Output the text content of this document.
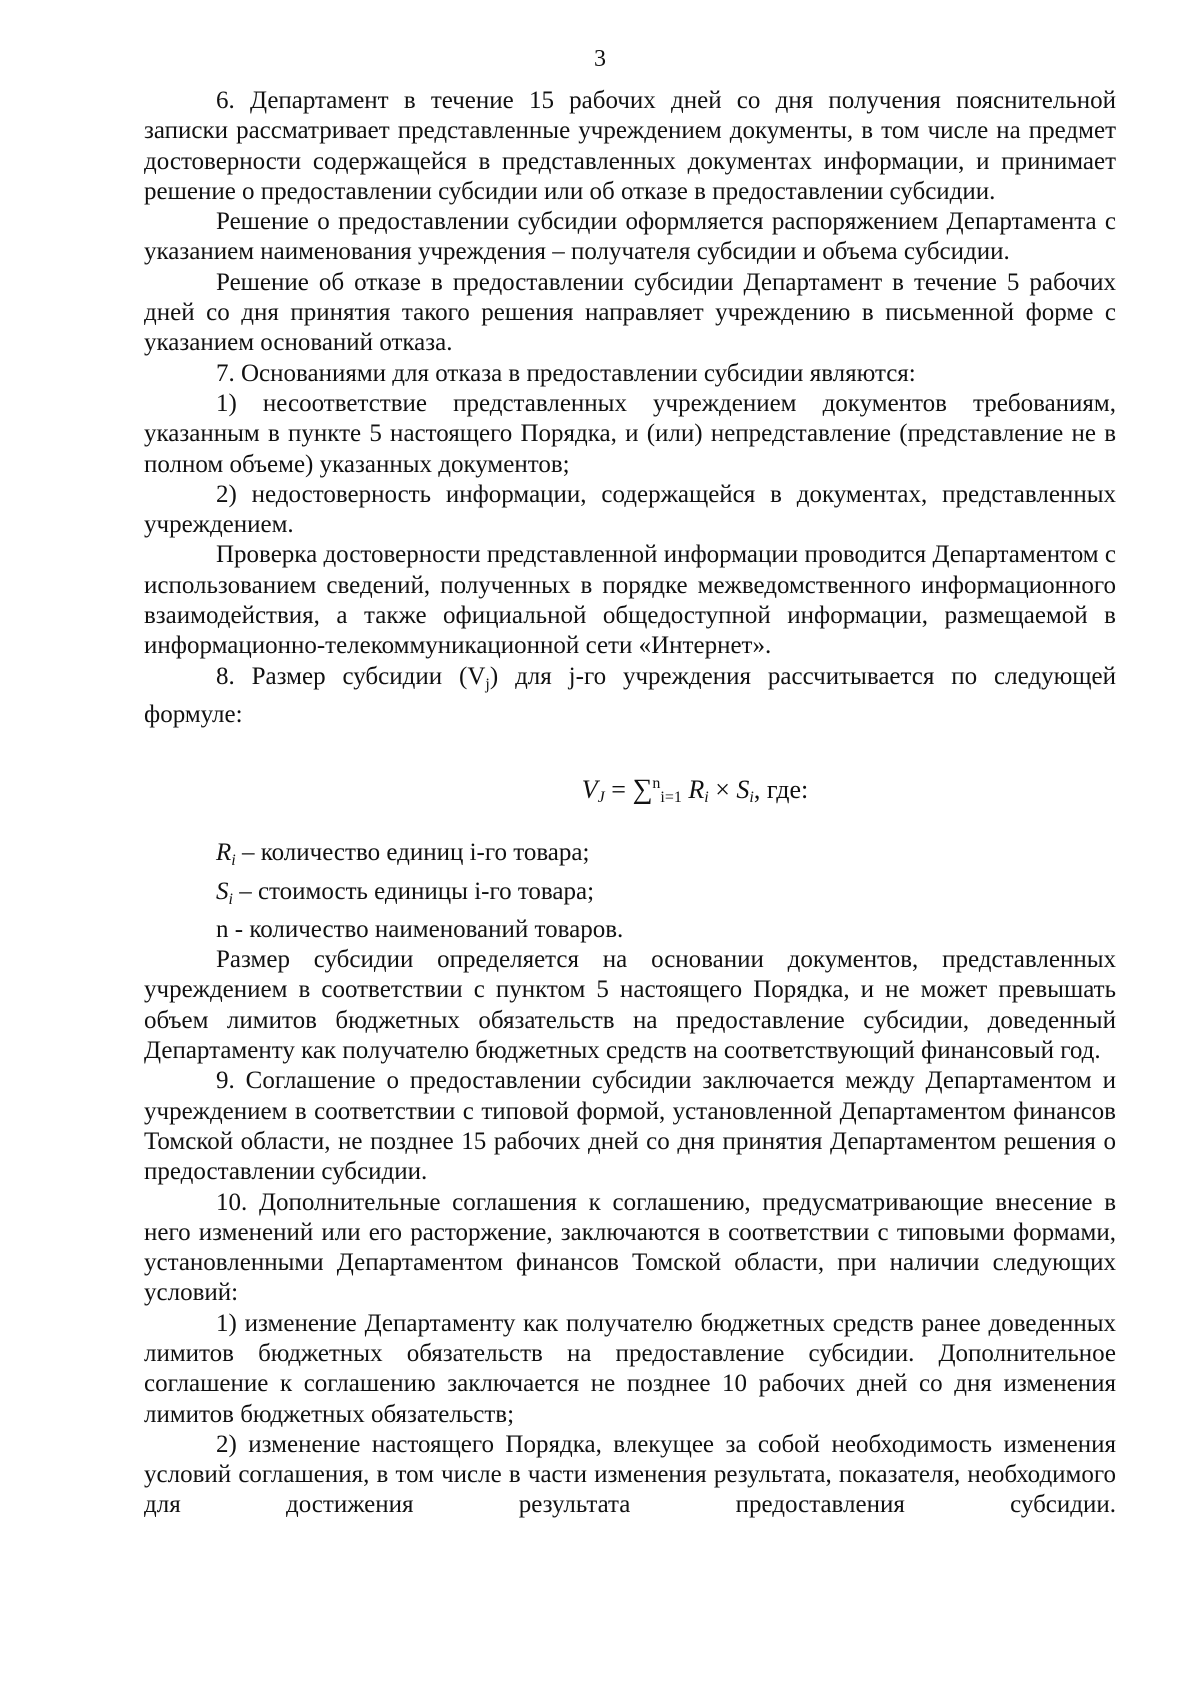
3

6. Департамент в течение 15 рабочих дней со дня получения пояснительной записки рассматривает представленные учреждением документы, в том числе на предмет достоверности содержащейся в представленных документах информации, и принимает решение о предоставлении субсидии или об отказе в предоставлении субсидии.

Решение о предоставлении субсидии оформляется распоряжением Департамента с указанием наименования учреждения – получателя субсидии и объема субсидии.

Решение об отказе в предоставлении субсидии Департамент в течение 5 рабочих дней со дня принятия такого решения направляет учреждению в письменной форме с указанием оснований отказа.

7. Основаниями для отказа в предоставлении субсидии являются:

1) несоответствие представленных учреждением документов требованиям, указанным в пункте 5 настоящего Порядка, и (или) непредставление (представление не в полном объеме) указанных документов;

2) недостоверность информации, содержащейся в документах, представленных учреждением.

Проверка достоверности представленной информации проводится Департаментом с использованием сведений, полученных в порядке межведомственного информационного взаимодействия, а также официальной общедоступной информации, размещаемой в информационно-телекоммуникационной сети «Интернет».

8. Размер субсидии $(V_j)$ для j-го учреждения рассчитывается по следующей формуле:

$V_J = \sum^n_{i=1}$ $R_i \times S_i$, где:

$R_i$ – количество единиц i-го товара;

$S_i$ – стоимость единицы i-го товара;

n - количество наименований товаров.

Размер субсидии определяется на основании документов, представленных учреждением в соответствии с пунктом 5 настоящего Порядка, и не может превышать объем лимитов бюджетных обязательств на предоставление субсидии, доведенный Департаменту как получателю бюджетных средств на соответствующий финансовый год.

9. Соглашение о предоставлении субсидии заключается между Департаментом и учреждением в соответствии с типовой формой, установленной Департаментом финансов Томской области, не позднее 15 рабочих дней со дня принятия Департаментом решения о предоставлении субсидии.

10. Дополнительные соглашения к соглашению, предусматривающие внесение в него изменений или его расторжение, заключаются в соответствии с типовыми формами, установленными Департаментом финансов Томской области, при наличии следующих условий:

1) изменение Департаменту как получателю бюджетных средств ранее доведенных лимитов бюджетных обязательств на предоставление субсидии. Дополнительное соглашение к соглашению заключается не позднее 10 рабочих дней со дня изменения лимитов бюджетных обязательств;

2) изменение настоящего Порядка, влекущее за собой необходимость изменения условий соглашения, в том числе в части изменения результата, показателя, необходимого для достижения результата предоставления субсидии.
